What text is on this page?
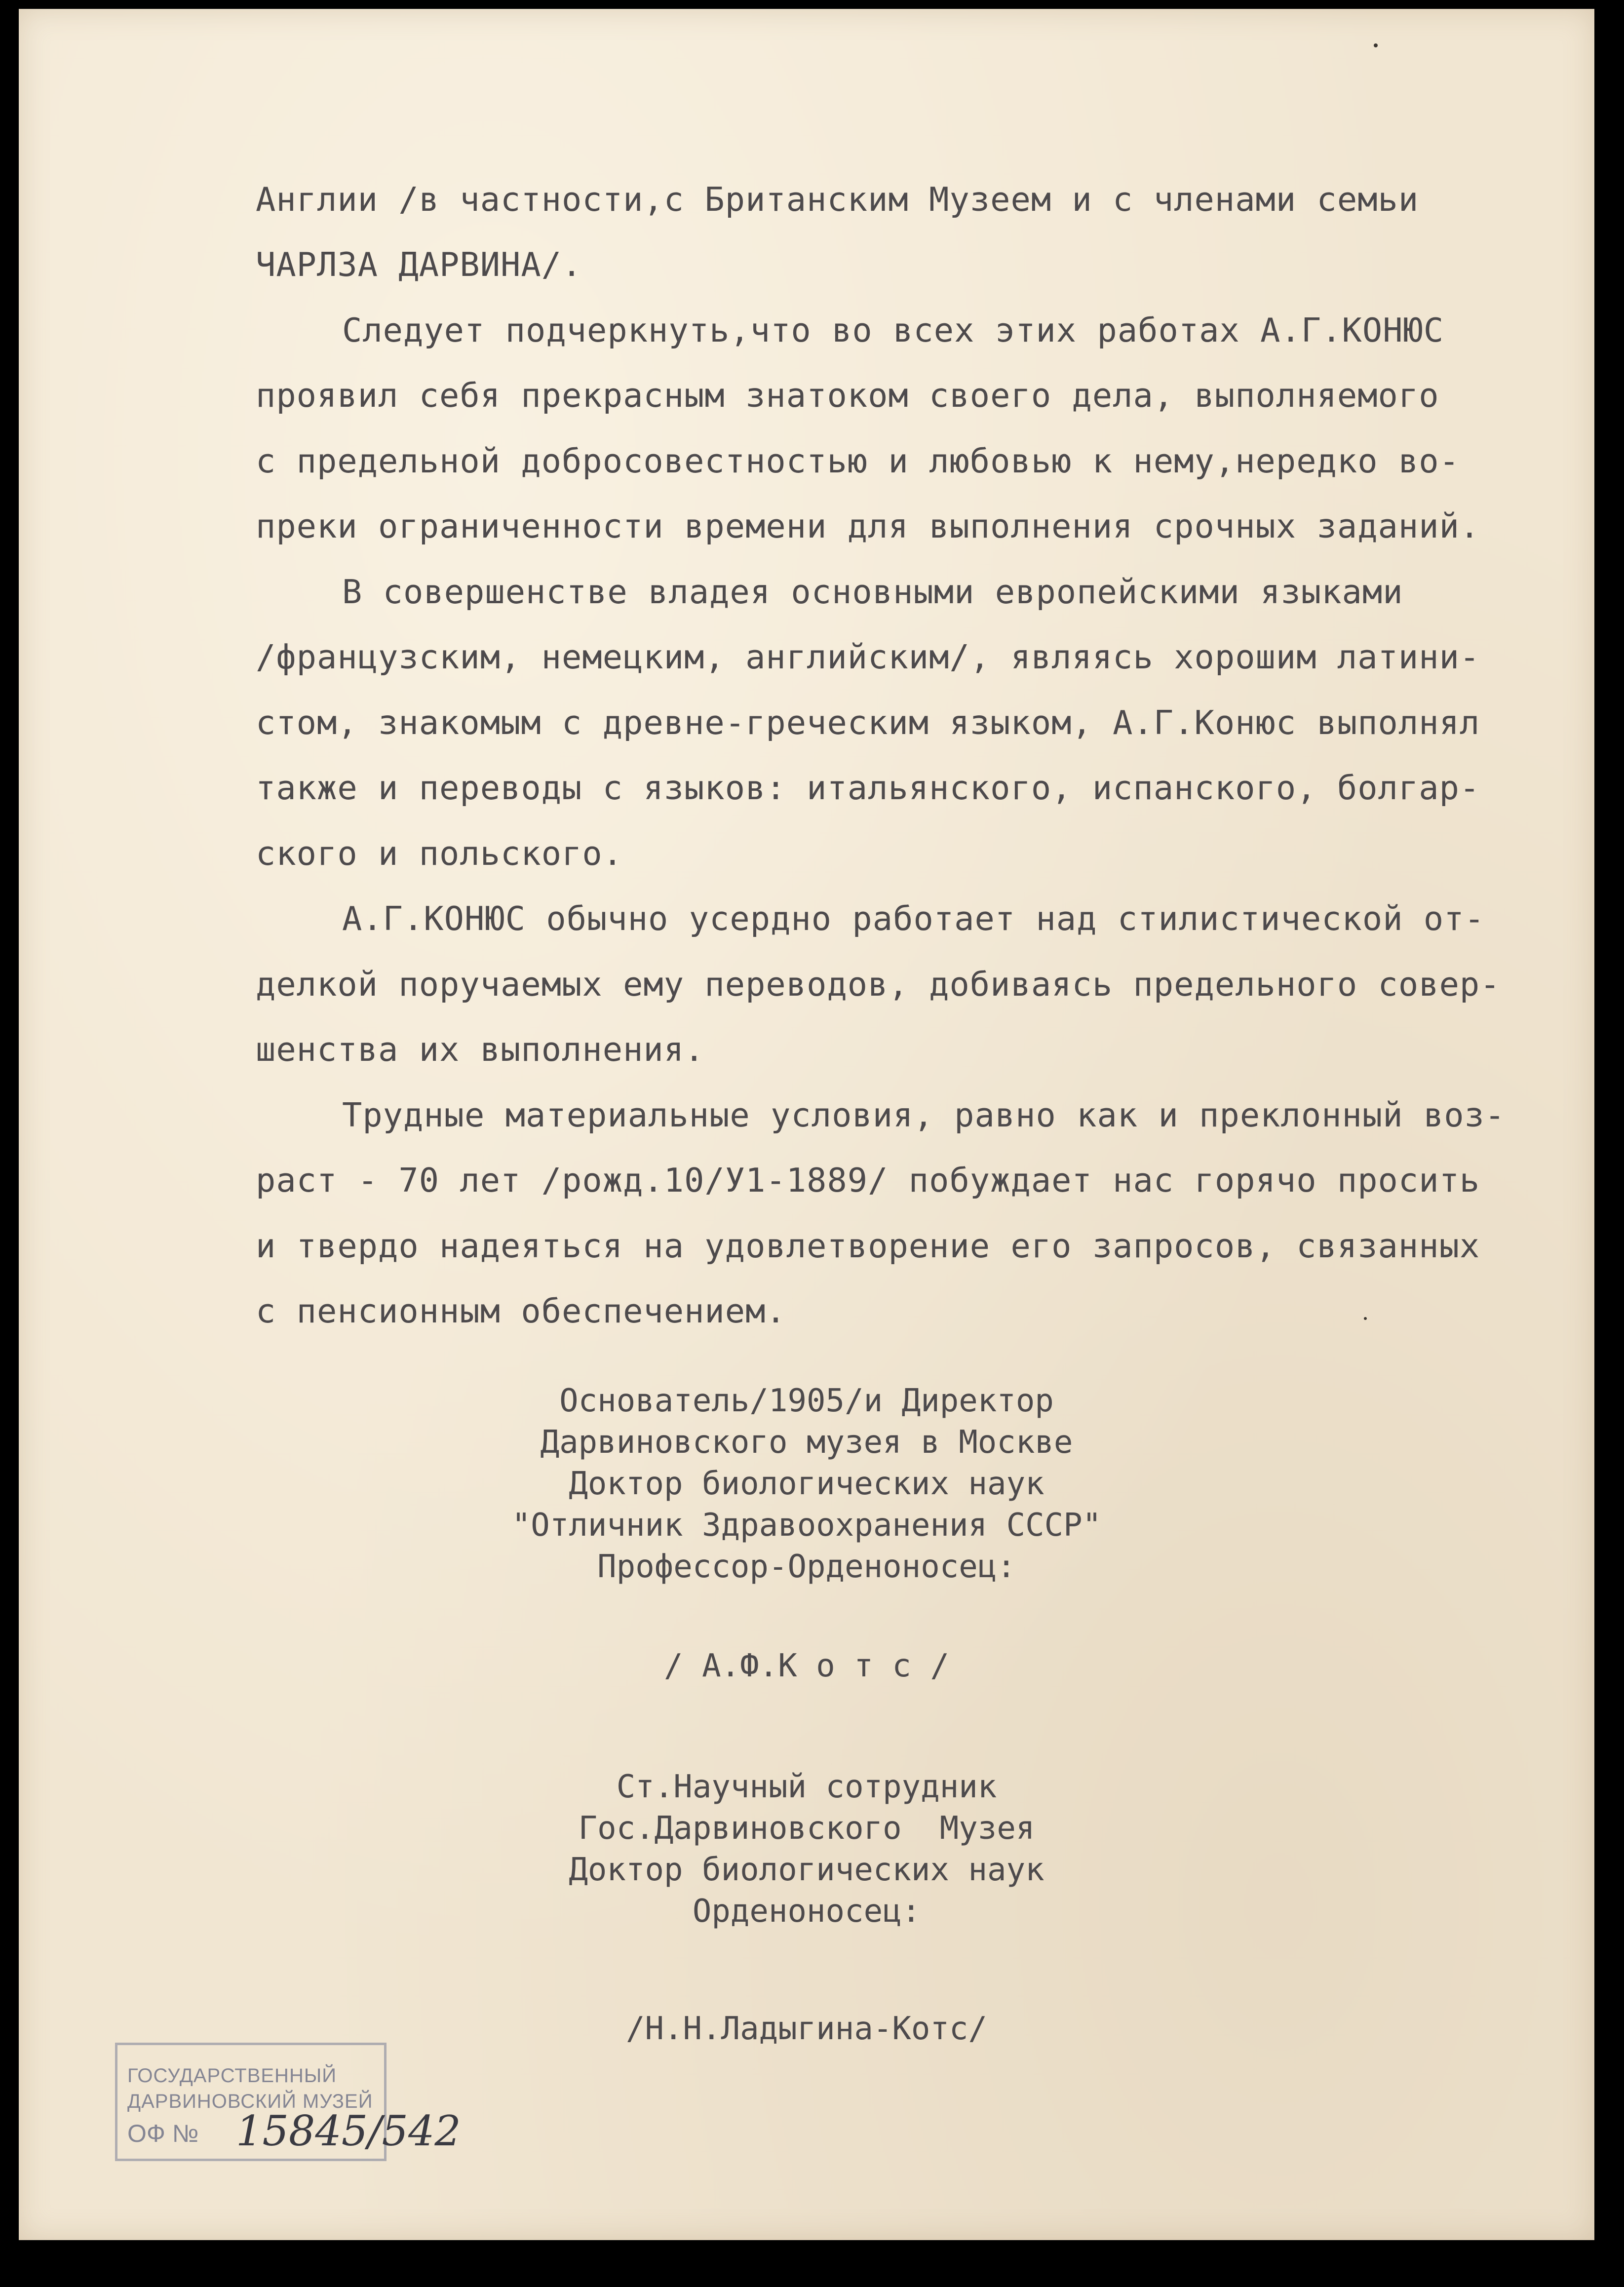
Англии /в частности,с Британским Музеем и с членами семьи

ЧАРЛЗА ДАРВИНА/.

Следует подчеркнуть,что во всех этих работах А.Г.КОНЮС

проявил себя прекрасным знатоком своего дела, выполняемого

с предельной добросовестностью и любовью к нему,нередко во-

преки ограниченности времени для выполнения срочных заданий.

В совершенстве владея основными европейскими языками

/французским, немецким, английским/, являясь хорошим латини-

стом, знакомым с древне-греческим языком, А.Г.Конюс выполнял

также и переводы с языков: итальянского, испанского, болгар-

ского и польского.

А.Г.КОНЮС обычно усердно работает над стилистической от-

делкой поручаемых ему переводов, добиваясь предельного совер-

шенства их выполнения.

Трудные материальные условия, равно как и преклонный воз-

раст - 70 лет /рожд.10/У1-1889/ побуждает нас горячо просить

и твердо надеяться на удовлетворение его запросов, связанных

с пенсионным обеспечением.

Основатель/1905/и Директор
Дарвиновского музея в Москве
Доктор биологических наук
"Отличник Здравоохранения СССР"
Профессор-Орденоносец:
/ А.Ф.К о т с /
Ст.Научный сотрудник
Гос.Дарвиновского  Музея
Доктор биологических наук
Орденоносец:
/Н.Н.Ладыгина-Котс/
ГОСУДАРСТВЕННЫЙ
ДАРВИНОВСКИЙ МУЗЕЙ
ОФ № 15845/542
